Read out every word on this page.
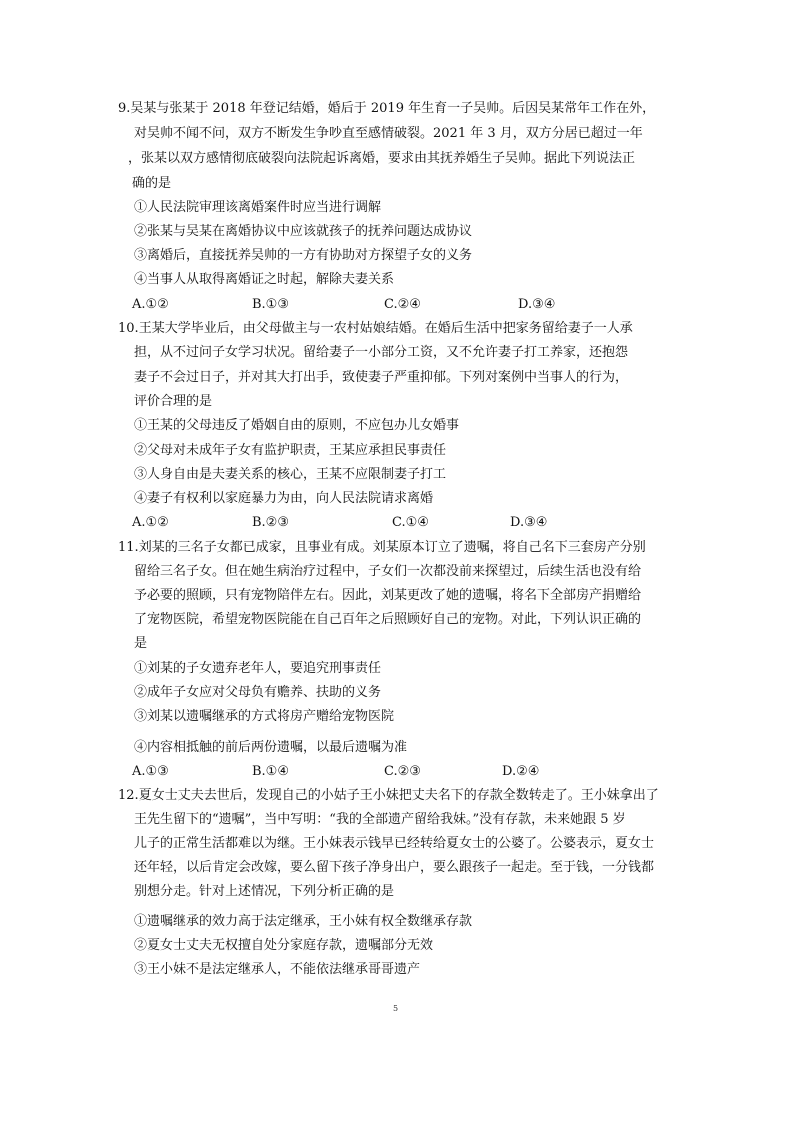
9.吴某与张某于 2018 年登记结婚，婚后于 2019 年生育一子吴帅。后因吴某常年工作在外，
对吴帅不闻不问，双方不断发生争吵直至感情破裂。2021 年 3 月，双方分居已超过一年
，张某以双方感情彻底破裂向法院起诉离婚，要求由其抚养婚生子吴帅。据此下列说法正
确的是
①人民法院审理该离婚案件时应当进行调解
②张某与吴某在离婚协议中应该就孩子的抚养问题达成协议
③离婚后，直接抚养吴帅的一方有协助对方探望子女的义务
④当事人从取得离婚证之时起，解除夫妻关系
A.①②	B.①③	C.②④	D.③④
10.王某大学毕业后，由父母做主与一农村姑娘结婚。在婚后生活中把家务留给妻子一人承
担，从不过问子女学习状况。留给妻子一小部分工资，又不允许妻子打工养家，还抱怨
妻子不会过日子，并对其大打出手，致使妻子严重抑郁。下列对案例中当事人的行为，
评价合理的是
①王某的父母违反了婚姻自由的原则，不应包办儿女婚事
②父母对未成年子女有监护职责，王某应承担民事责任
③人身自由是夫妻关系的核心，王某不应限制妻子打工
④妻子有权利以家庭暴力为由，向人民法院请求离婚
A.①②	B.②③	C.①④	D.③④
11.刘某的三名子女都已成家，且事业有成。刘某原本订立了遗嘱，将自己名下三套房产分别
留给三名子女。但在她生病治疗过程中，子女们一次都没前来探望过，后续生活也没有给
予必要的照顾，只有宠物陪伴左右。因此，刘某更改了她的遗嘱，将名下全部房产捐赠给
了宠物医院，希望宠物医院能在自己百年之后照顾好自己的宠物。对此，下列认识正确的
是
①刘某的子女遗弃老年人，要追究刑事责任
②成年子女应对父母负有赡养、扶助的义务
③刘某以遗嘱继承的方式将房产赠给宠物医院
④内容相抵触的前后两份遗嘱，以最后遗嘱为准
A.①③	B.①④	C.②③	D.②④
12.夏女士丈夫去世后，发现自己的小姑子王小妹把丈夫名下的存款全数转走了。王小妹拿出了
王先生留下的“遗嘱”，当中写明：“我的全部遗产留给我妹。”没有存款，未来她跟 5 岁
儿子的正常生活都难以为继。王小妹表示钱早已经转给夏女士的公婆了。公婆表示，夏女士
还年轻，以后肯定会改嫁，要么留下孩子净身出户，要么跟孩子一起走。至于钱，一分钱都
别想分走。针对上述情况，下列分析正确的是
①遗嘱继承的效力高于法定继承，王小妹有权全数继承存款
②夏女士丈夫无权擅自处分家庭存款，遗嘱部分无效
③王小妹不是法定继承人，不能依法继承哥哥遗产
5
